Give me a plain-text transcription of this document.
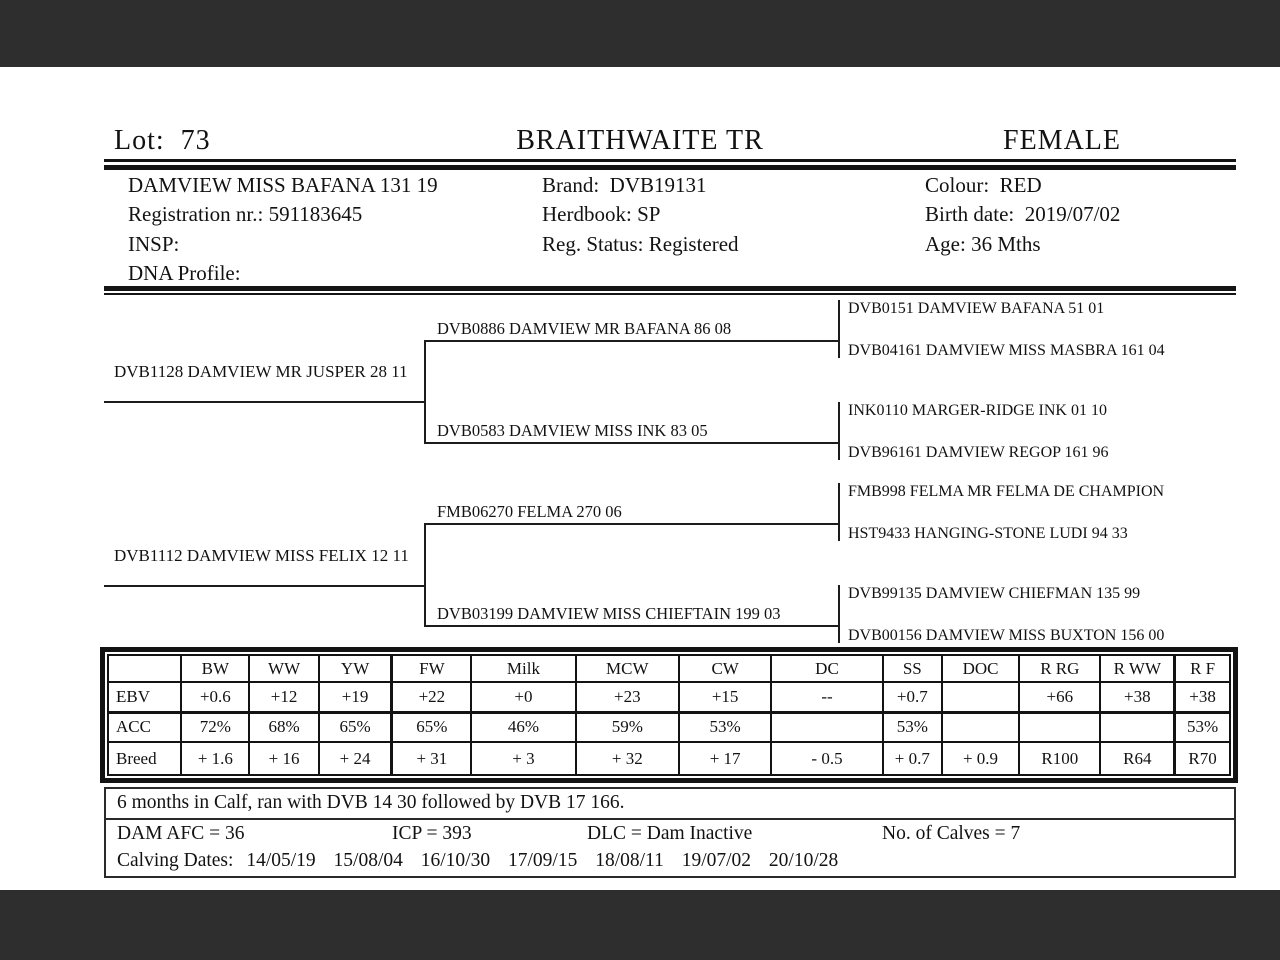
Lot:  73	BRAITHWAITE TR	FEMALE
DAMVIEW MISS BAFANA 131 19
Registration nr.: 591183645
INSP:
DNA Profile:
Brand:  DVB19131
Herdbook: SP
Reg. Status: Registered
Colour:  RED
Birth date:  2019/07/02
Age: 36 Mths
DVB1128 DAMVIEW MR JUSPER 28 11
DVB1112 DAMVIEW MISS FELIX 12 11
DVB0886 DAMVIEW MR BAFANA 86 08
DVB0583 DAMVIEW MISS INK 83 05
FMB06270 FELMA 270 06
DVB03199 DAMVIEW MISS CHIEFTAIN 199 03
DVB0151 DAMVIEW BAFANA 51 01
DVB04161 DAMVIEW MISS MASBRA 161 04
INK0110 MARGER-RIDGE INK 01 10
DVB96161 DAMVIEW REGOP 161 96
FMB998 FELMA MR FELMA DE CHAMPION
HST9433 HANGING-STONE LUDI 94 33
DVB99135 DAMVIEW CHIEFMAN 135 99
DVB00156 DAMVIEW MISS BUXTON 156 00
	BW	WW	YW	FW	Milk	MCW	CW	DC	SS	DOC	R RG	R WW	R F
EBV	+0.6	+12	+19	+22	+0	+23	+15	--	+0.7		+66	+38	+38
ACC	72%	68%	65%	65%	46%	59%	53%		53%				53%
Breed	+ 1.6	+ 16	+ 24	+ 31	+ 3	+ 32	+ 17	- 0.5	+ 0.7	+ 0.9	R100	R64	R70
6 months in Calf, ran with DVB 14 30 followed by DVB 17 166.
DAM AFC = 36	ICP = 393	DLC = Dam Inactive	No. of Calves = 7
Calving Dates: 14/05/19 15/08/04 16/10/30 17/09/15 18/08/11 19/07/02 20/10/28
